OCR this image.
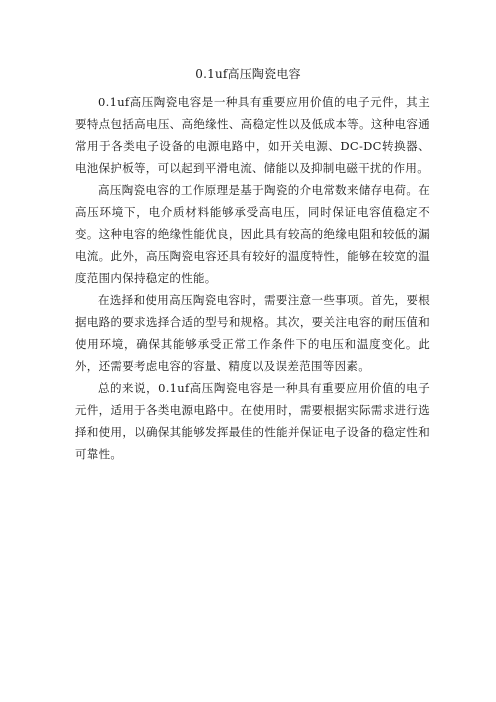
0.1uf高压陶瓷电容

0.1uf高压陶瓷电容是一种具有重要应用价值的电子元件，其主要特点包括高电压、高绝缘性、高稳定性以及低成本等。这种电容通常用于各类电子设备的电源电路中，如开关电源、DC-DC转换器、电池保护板等，可以起到平滑电流、储能以及抑制电磁干扰的作用。

高压陶瓷电容的工作原理是基于陶瓷的介电常数来储存电荷。在高压环境下，电介质材料能够承受高电压，同时保证电容值稳定不变。这种电容的绝缘性能优良，因此具有较高的绝缘电阻和较低的漏电流。此外，高压陶瓷电容还具有较好的温度特性，能够在较宽的温度范围内保持稳定的性能。

在选择和使用高压陶瓷电容时，需要注意一些事项。首先，要根据电路的要求选择合适的型号和规格。其次，要关注电容的耐压值和使用环境，确保其能够承受正常工作条件下的电压和温度变化。此外，还需要考虑电容的容量、精度以及误差范围等因素。

总的来说，0.1uf高压陶瓷电容是一种具有重要应用价值的电子元件，适用于各类电源电路中。在使用时，需要根据实际需求进行选择和使用，以确保其能够发挥最佳的性能并保证电子设备的稳定性和可靠性。
